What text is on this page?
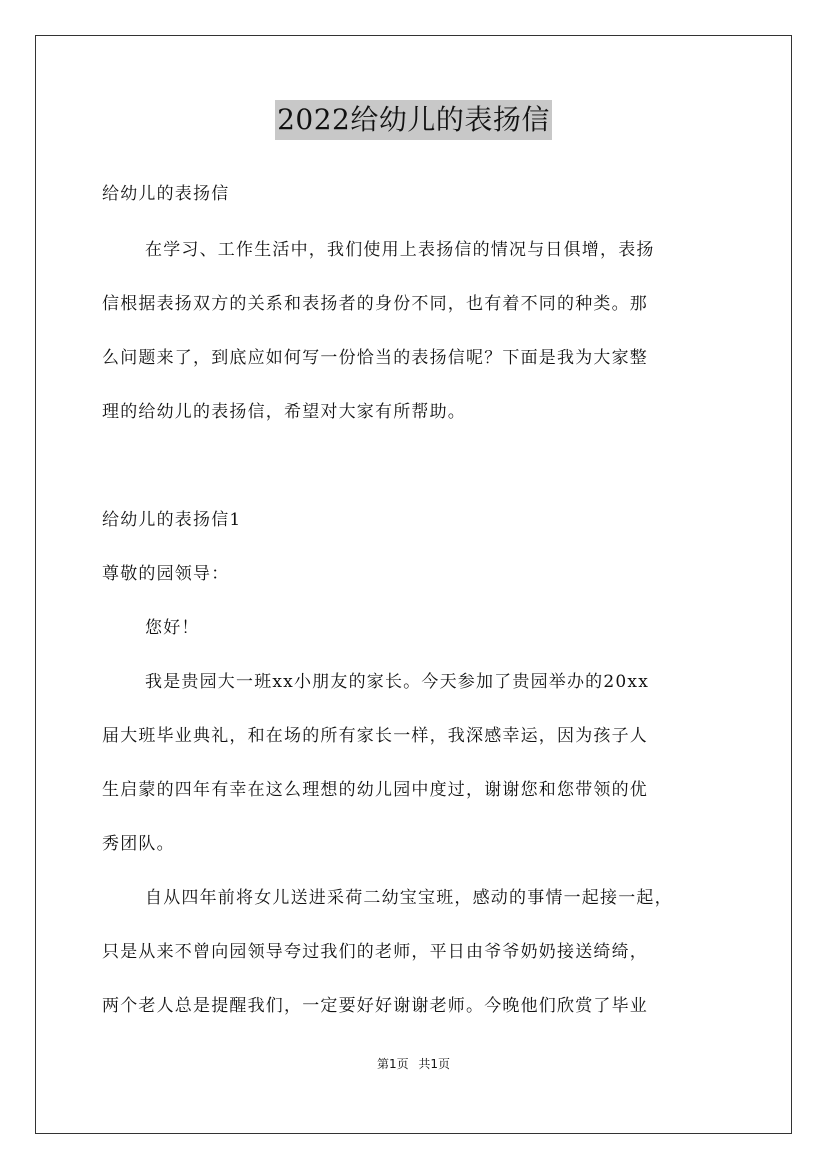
2022给幼儿的表扬信
给幼儿的表扬信
在学习、工作生活中，我们使用上表扬信的情况与日俱增，表扬
信根据表扬双方的关系和表扬者的身份不同，也有着不同的种类。那
么问题来了，到底应如何写一份恰当的表扬信呢？下面是我为大家整
理的给幼儿的表扬信，希望对大家有所帮助。
给幼儿的表扬信1
尊敬的园领导：
您好！
我是贵园大一班xx小朋友的家长。今天参加了贵园举办的20xx
届大班毕业典礼，和在场的所有家长一样，我深感幸运，因为孩子人
生启蒙的四年有幸在这么理想的幼儿园中度过，谢谢您和您带领的优
秀团队。
自从四年前将女儿送进采荷二幼宝宝班，感动的事情一起接一起，
只是从来不曾向园领导夸过我们的老师，平日由爷爷奶奶接送绮绮，
两个老人总是提醒我们，一定要好好谢谢老师。今晚他们欣赏了毕业
第1页 共1页
